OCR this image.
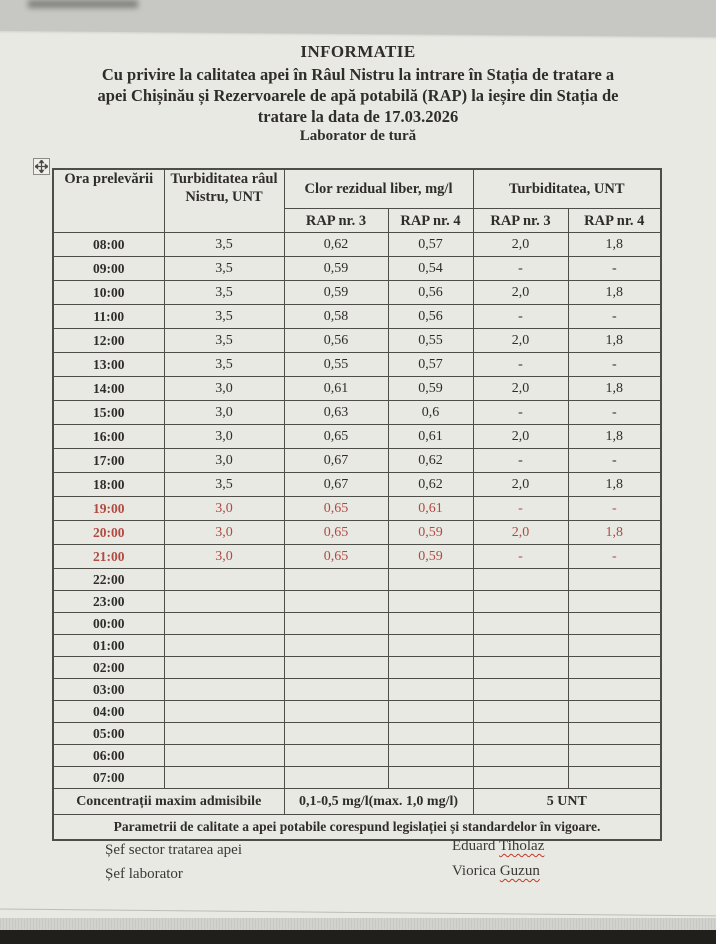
INFORMATIE
Cu privire la calitatea apei în Râul Nistru la intrare în Stația de tratare a
apei Chișinău și Rezervoarele de apă potabilă (RAP) la ieșire din Stația de
tratare la data de 17.03.2026
Laborator de tură
Ora prelevării	Turbiditatea râul Nistru, UNT	Clor rezidual liber, mg/l		Turbiditatea, UNT	
		RAP nr. 3	RAP nr. 4	RAP nr. 3	RAP nr. 4
08:00	3,5	0,62	0,57	2,0	1,8
09:00	3,5	0,59	0,54	-	-
10:00	3,5	0,59	0,56	2,0	1,8
11:00	3,5	0,58	0,56	-	-
12:00	3,5	0,56	0,55	2,0	1,8
13:00	3,5	0,55	0,57	-	-
14:00	3,0	0,61	0,59	2,0	1,8
15:00	3,0	0,63	0,6	-	-
16:00	3,0	0,65	0,61	2,0	1,8
17:00	3,0	0,67	0,62	-	-
18:00	3,5	0,67	0,62	2,0	1,8
19:00	3,0	0,65	0,61	-	-
20:00	3,0	0,65	0,59	2,0	1,8
21:00	3,0	0,65	0,59	-	-
22:00					
23:00					
00:00					
01:00					
02:00					
03:00					
04:00					
05:00					
06:00					
07:00					
Concentrații maxim admisibile		0,1-0,5 mg/l(max. 1,0 mg/l)		5 UNT	
Parametrii de calitate a apei potabile corespund legislației și standardelor în vigoare.					
Șef sector tratarea apei
Șef laborator
Eduard Tiholaz
Viorica Guzun
